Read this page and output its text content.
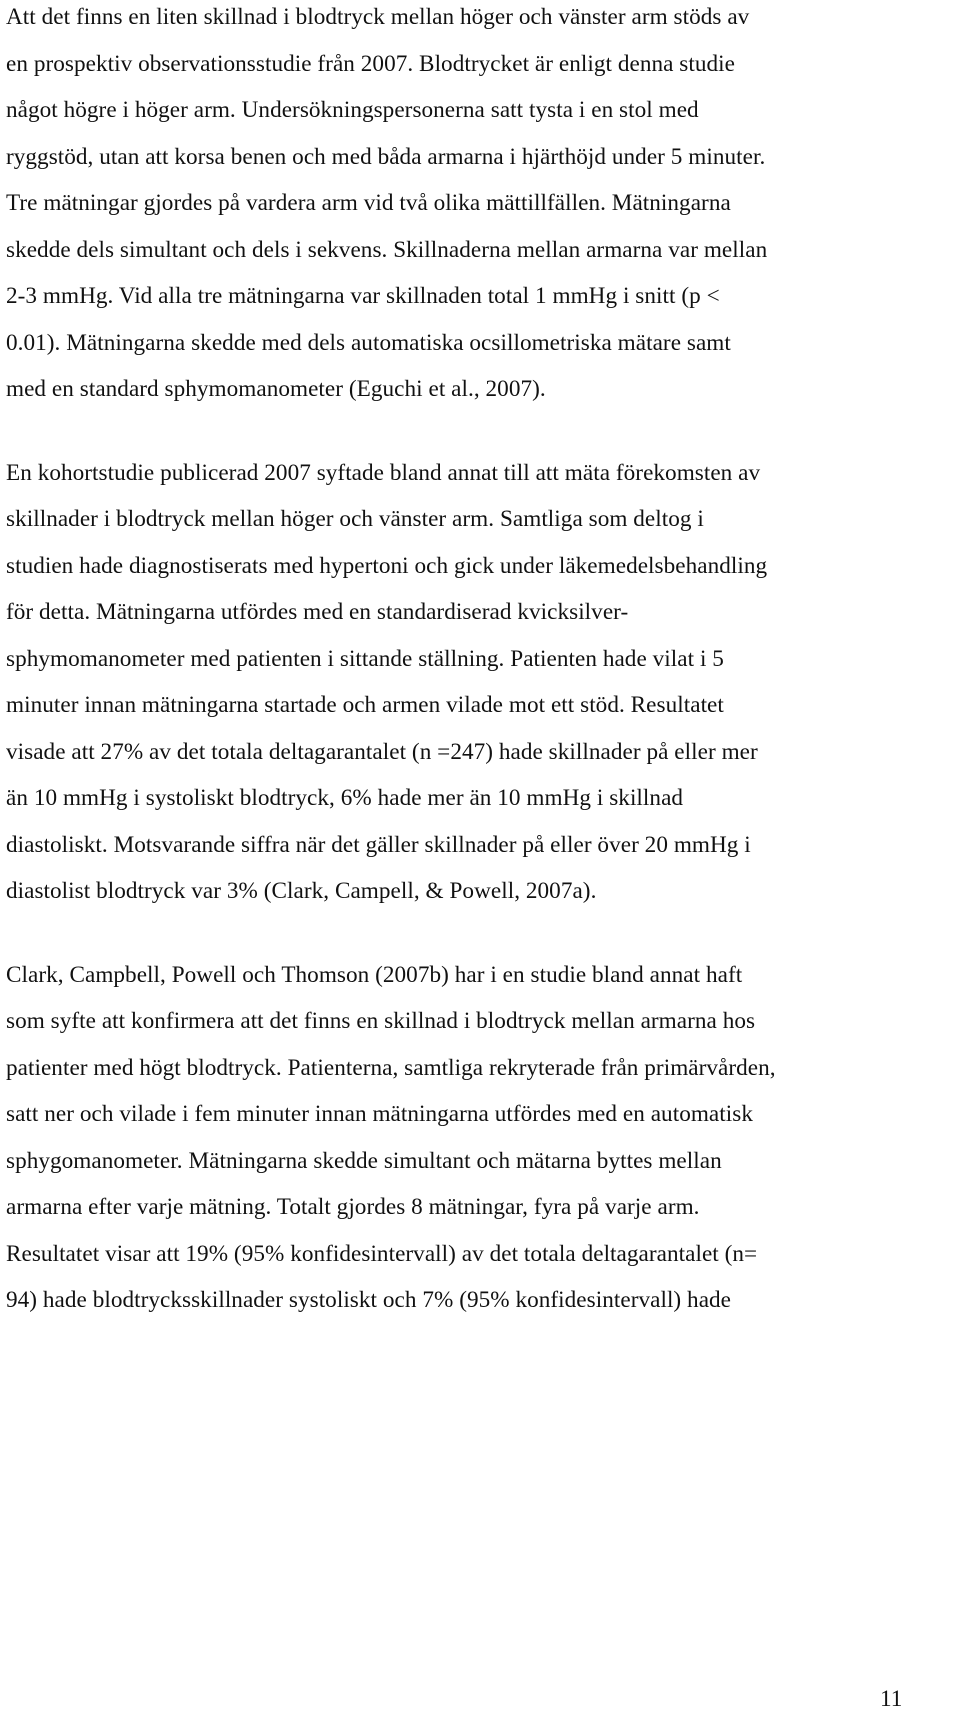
Att det finns en liten skillnad i blodtryck mellan höger och vänster arm stöds av

en prospektiv observationsstudie från 2007. Blodtrycket är enligt denna studie

något högre i höger arm. Undersökningspersonerna satt tysta i en stol med

ryggstöd, utan att korsa benen och med båda armarna i hjärthöjd under 5 minuter.

Tre mätningar gjordes på vardera arm vid två olika mättillfällen. Mätningarna

skedde dels simultant och dels i sekvens. Skillnaderna mellan armarna var mellan

2-3 mmHg. Vid alla tre mätningarna var skillnaden total 1 mmHg i snitt (p <

0.01). Mätningarna skedde med dels automatiska ocsillometriska mätare samt

med en standard sphymomanometer (Eguchi et al., 2007).

En kohortstudie publicerad 2007 syftade bland annat till att mäta förekomsten av

skillnader i blodtryck mellan höger och vänster arm. Samtliga som deltog i

studien hade diagnostiserats med hypertoni och gick under läkemedelsbehandling

för detta. Mätningarna utfördes med en standardiserad kvicksilver-

sphymomanometer med patienten i sittande ställning. Patienten hade vilat i 5

minuter innan mätningarna startade och armen vilade mot ett stöd. Resultatet

visade att 27% av det totala deltagarantalet (n =247) hade skillnader på eller mer

än 10 mmHg i systoliskt blodtryck, 6% hade mer än 10 mmHg i skillnad

diastoliskt. Motsvarande siffra när det gäller skillnader på eller över 20 mmHg i

diastolist blodtryck var 3% (Clark, Campell, & Powell, 2007a).

Clark, Campbell, Powell och Thomson (2007b) har i en studie bland annat haft

som syfte att konfirmera att det finns en skillnad i blodtryck mellan armarna hos

patienter med högt blodtryck. Patienterna, samtliga rekryterade från primärvården,

satt ner och vilade i fem minuter innan mätningarna utfördes med en automatisk

sphygomanometer. Mätningarna skedde simultant och mätarna byttes mellan

armarna efter varje mätning. Totalt gjordes 8 mätningar, fyra på varje arm.

Resultatet visar att 19% (95% konfidesintervall) av det totala deltagarantalet (n=

94) hade blodtrycksskillnader systoliskt och 7% (95% konfidesintervall) hade

11
